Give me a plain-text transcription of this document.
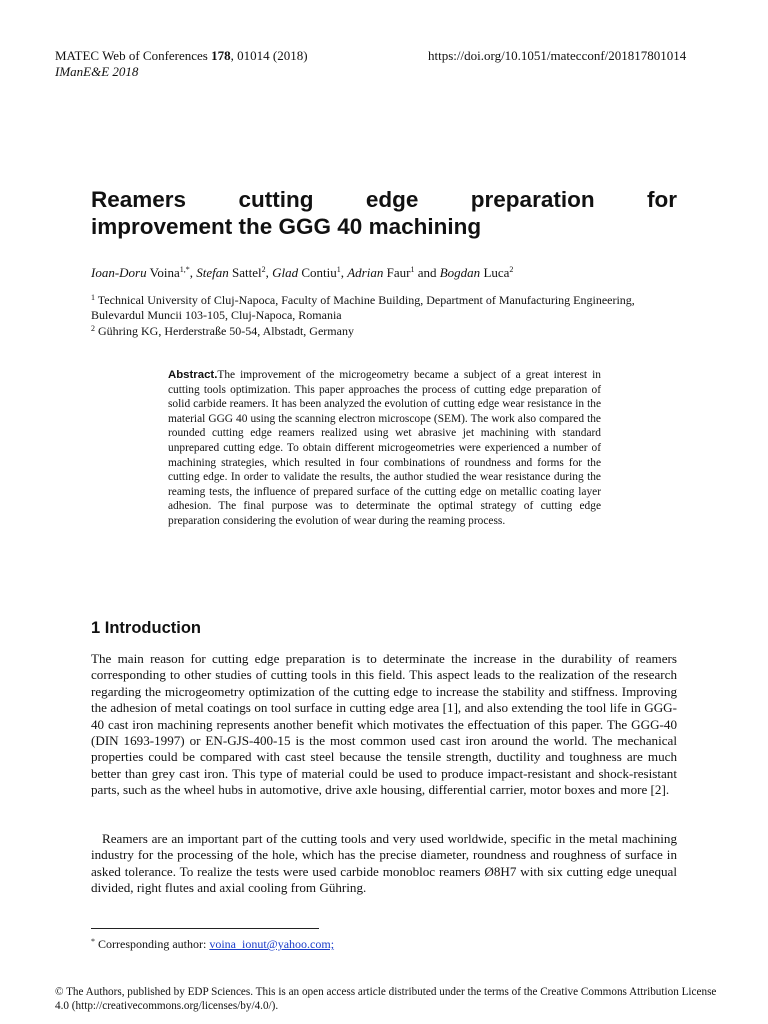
MATEC Web of Conferences 178, 01014 (2018)
IManE&E 2018
https://doi.org/10.1051/matecconf/201817801014
Reamers cutting edge preparation for
improvement the GGG 40 machining
Ioan-Doru Voina$^{1,*}$, Stefan Sattel$^2$, Glad Contiu$^1$, Adrian Faur$^1$ and Bogdan Luca$^2$
$^1$ Technical University of Cluj-Napoca, Faculty of Machine Building, Department of Manufacturing Engineering, Bulevardul Muncii 103-105, Cluj-Napoca, Romania
$^2$ Gühring KG, Herderstraße 50-54, Albstadt, Germany
Abstract.The improvement of the microgeometry became a subject of a great interest in cutting tools optimization. This paper approaches the process of cutting edge preparation of solid carbide reamers. It has been analyzed the evolution of cutting edge wear resistance in the material GGG 40 using the scanning electron microscope (SEM). The work also compared the rounded cutting edge reamers realized using wet abrasive jet machining with standard unprepared cutting edge. To obtain different microgeometries were experienced a number of machining strategies, which resulted in four combinations of roundness and forms for the cutting edge. In order to validate the results, the author studied the wear resistance during the reaming tests, the influence of prepared surface of the cutting edge on metallic coating layer adhesion. The final purpose was to determinate the optimal strategy of cutting edge preparation considering the evolution of wear during the reaming process.
1 Introduction
The main reason for cutting edge preparation is to determinate the increase in the durability of reamers corresponding to other studies of cutting tools in this field. This aspect leads to the realization of the research regarding the microgeometry optimization of the cutting edge to increase the stability and stiffness. Improving the adhesion of metal coatings on tool surface in cutting edge area [1], and also extending the tool life in GGG-40 cast iron machining represents another benefit which motivates the effectuation of this paper. The GGG-40 (DIN 1693-1997) or EN-GJS-400-15 is the most common used cast iron around the world. The mechanical properties could be compared with cast steel because the tensile strength, ductility and toughness are much better than grey cast iron. This type of material could be used to produce impact-resistant and shock-resistant parts, such as the wheel hubs in automotive, drive axle housing, differential carrier, motor boxes and more [2].
Reamers are an important part of the cutting tools and very used worldwide, specific in the metal machining industry for the processing of the hole, which has the precise diameter, roundness and roughness of surface in asked tolerance. To realize the tests were used carbide monobloc reamers Ø8H7 with six cutting edge unequal divided, right flutes and axial cooling from Gühring.
* Corresponding author: voina_ionut@yahoo.com;
© The Authors, published by EDP Sciences. This is an open access article distributed under the terms of the Creative Commons Attribution License 4.0 (http://creativecommons.org/licenses/by/4.0/).
